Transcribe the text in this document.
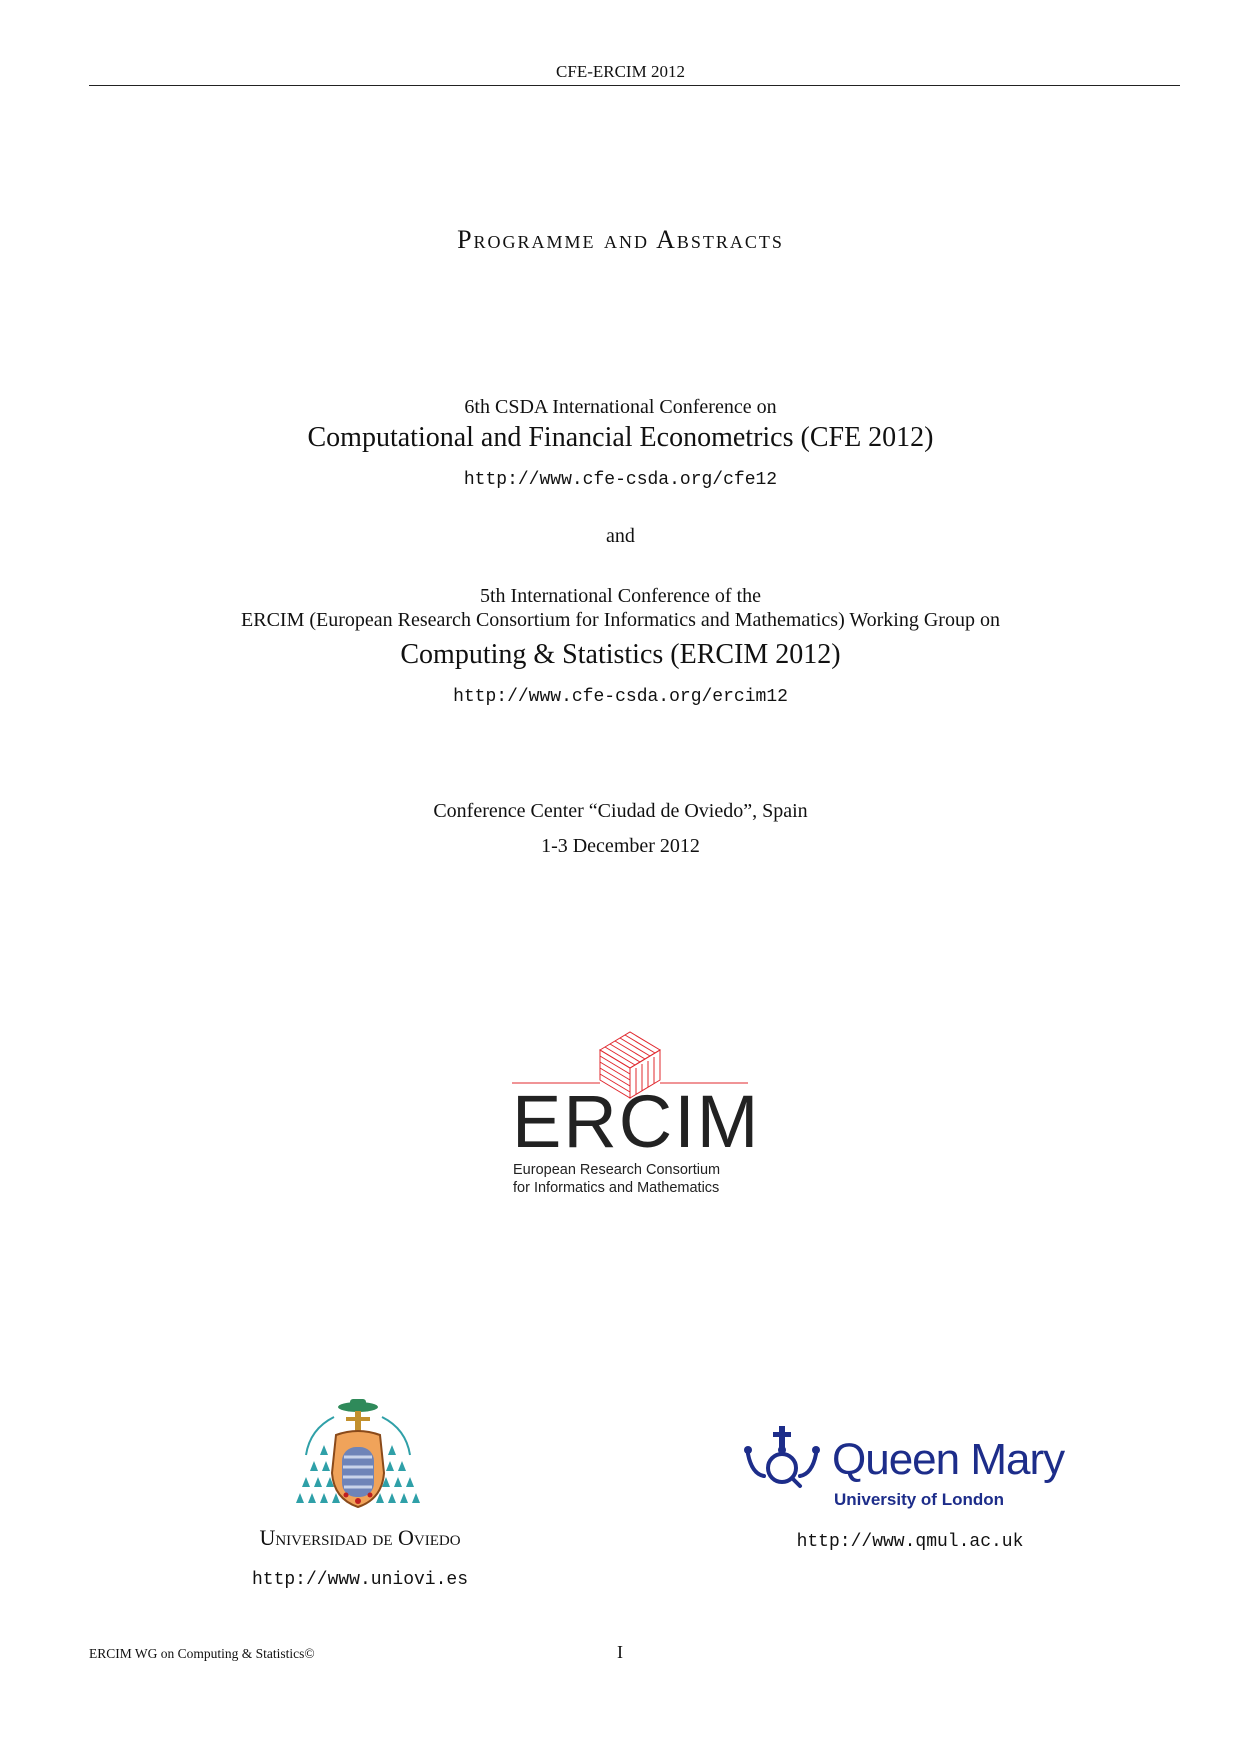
CFE-ERCIM 2012
Programme and Abstracts
6th CSDA International Conference on
Computational and Financial Econometrics (CFE 2012)
http://www.cfe-csda.org/cfe12
and
5th International Conference of the
ERCIM (European Research Consortium for Informatics and Mathematics) Working Group on
Computing & Statistics (ERCIM 2012)
http://www.cfe-csda.org/ercim12
Conference Center “Ciudad de Oviedo”, Spain
1-3 December 2012
ERCIM
European Research Consortium
for Informatics and Mathematics
Universidad de Oviedo
http://www.uniovi.es
Queen Mary
University of London
http://www.qmul.ac.uk
ERCIM WG on Computing & Statistics©	I
